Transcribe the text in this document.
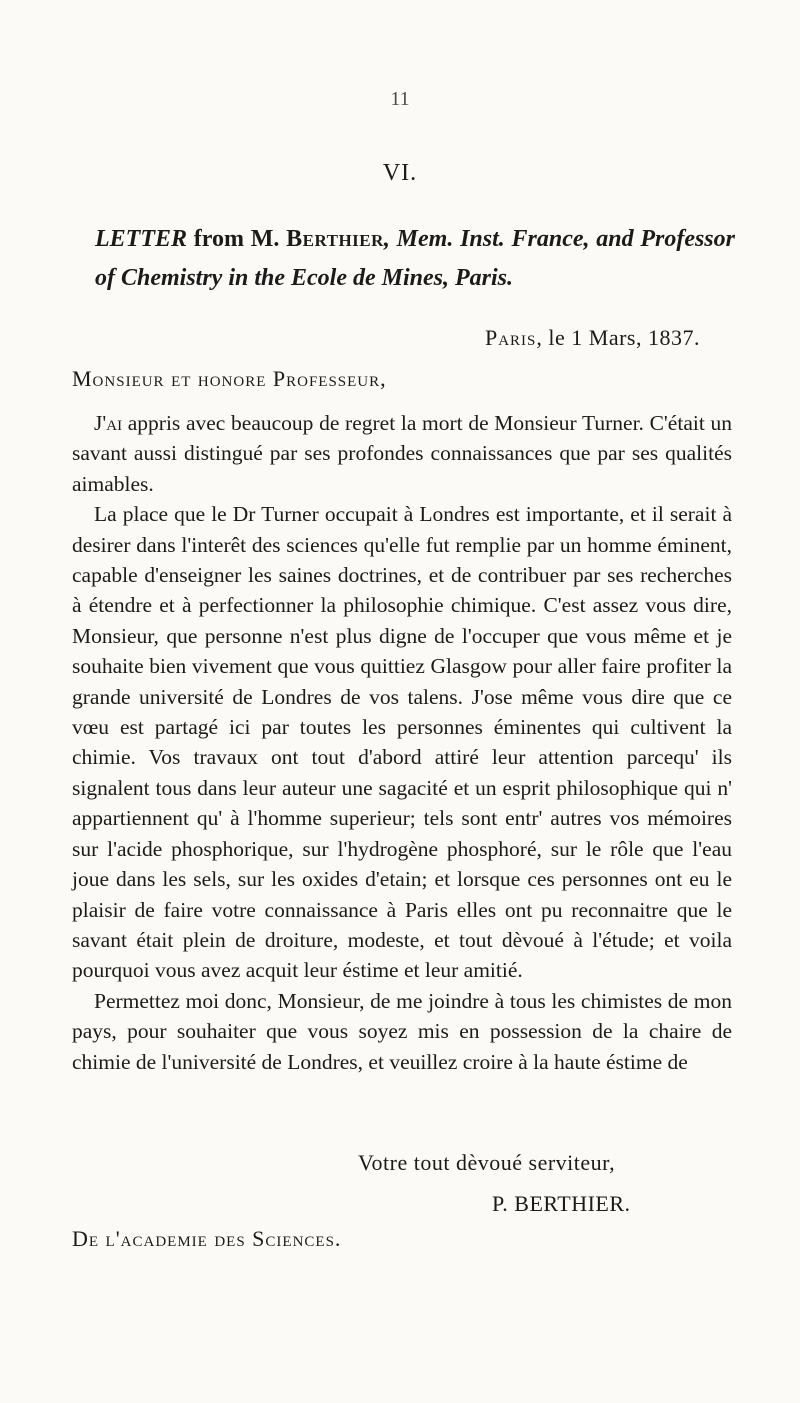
11
VI.
LETTER from M. Berthier, Mem. Inst. France, and Professor of Chemistry in the Ecole de Mines, Paris.
Paris, le 1 Mars, 1837.
Monsieur et honore Professeur,

J'ai appris avec beaucoup de regret la mort de Monsieur Turner. C'était un savant aussi distingué par ses profondes connaissances que par ses qualités aimables.

La place que le Dr Turner occupait à Londres est importante, et il serait à desirer dans l'interêt des sciences qu'elle fut remplie par un homme éminent, capable d'enseigner les saines doctrines, et de contribuer par ses recherches à étendre et à perfectionner la philosophie chimique. C'est assez vous dire, Monsieur, que personne n'est plus digne de l'occuper que vous même et je souhaite bien vivement que vous quittiez Glasgow pour aller faire profiter la grande université de Londres de vos talens. J'ose même vous dire que ce vœu est partagé ici par toutes les personnes éminentes qui cultivent la chimie. Vos travaux ont tout d'abord attiré leur attention parcequ' ils signalent tous dans leur auteur une sagacité et un esprit philosophique qui n' appartiennent qu' à l'homme superieur; tels sont entr' autres vos mémoires sur l'acide phosphorique, sur l'hydrogène phosphoré, sur le rôle que l'eau joue dans les sels, sur les oxides d'etain; et lorsque ces personnes ont eu le plaisir de faire votre connaissance à Paris elles ont pu reconnaitre que le savant était plein de droiture, modeste, et tout dèvoué à l'étude; et voila pourquoi vous avez acquit leur éstime et leur amitié.

Permettez moi donc, Monsieur, de me joindre à tous les chimistes de mon pays, pour souhaiter que vous soyez mis en possession de la chaire de chimie de l'université de Londres, et veuillez croire à la haute éstime de

Votre tout dèvoué serviteur,
P. BERTHIER.
De l'academie des Sciences.
